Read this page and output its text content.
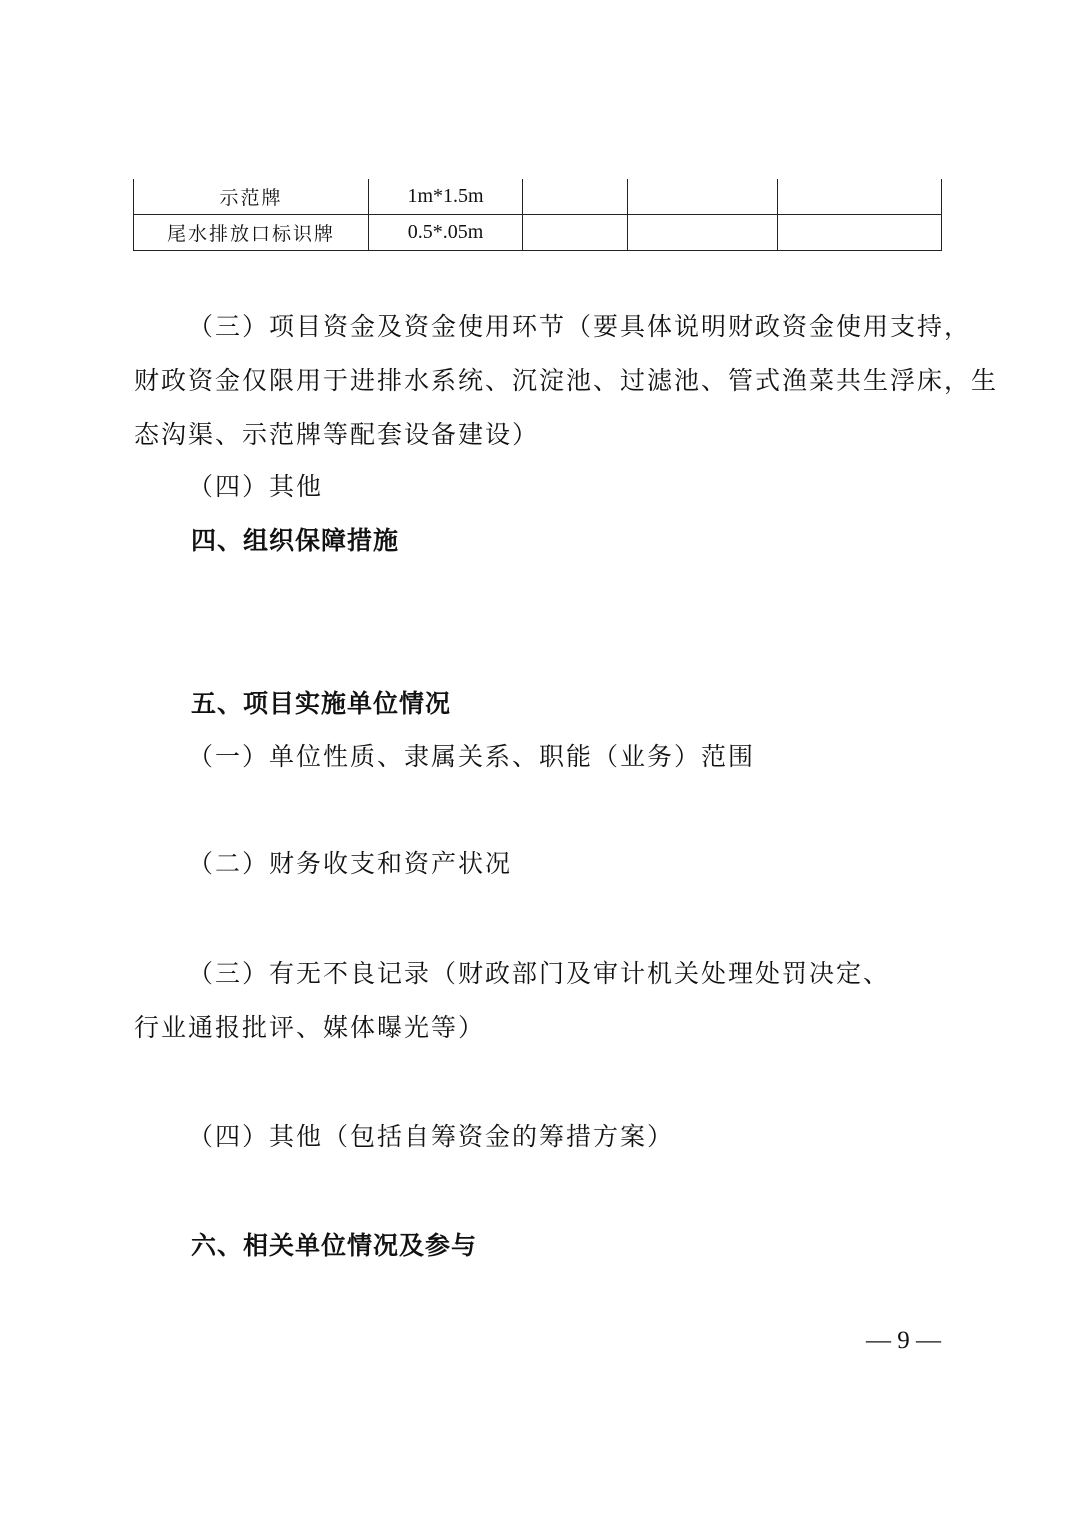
示范牌	1m*1.5m			
尾水排放口标识牌	0.5*.05m			
（三）项目资金及资金使用环节（要具体说明财政资金使用支持，
财政资金仅限用于进排水系统、沉淀池、过滤池、管式渔菜共生浮床，生
态沟渠、示范牌等配套设备建设）
（四）其他
四、组织保障措施
五、项目实施单位情况
（一）单位性质、隶属关系、职能（业务）范围
（二）财务收支和资产状况
（三）有无不良记录（财政部门及审计机关处理处罚决定、
行业通报批评、媒体曝光等）
（四）其他（包括自筹资金的筹措方案）
六、相关单位情况及参与
— 9 —
